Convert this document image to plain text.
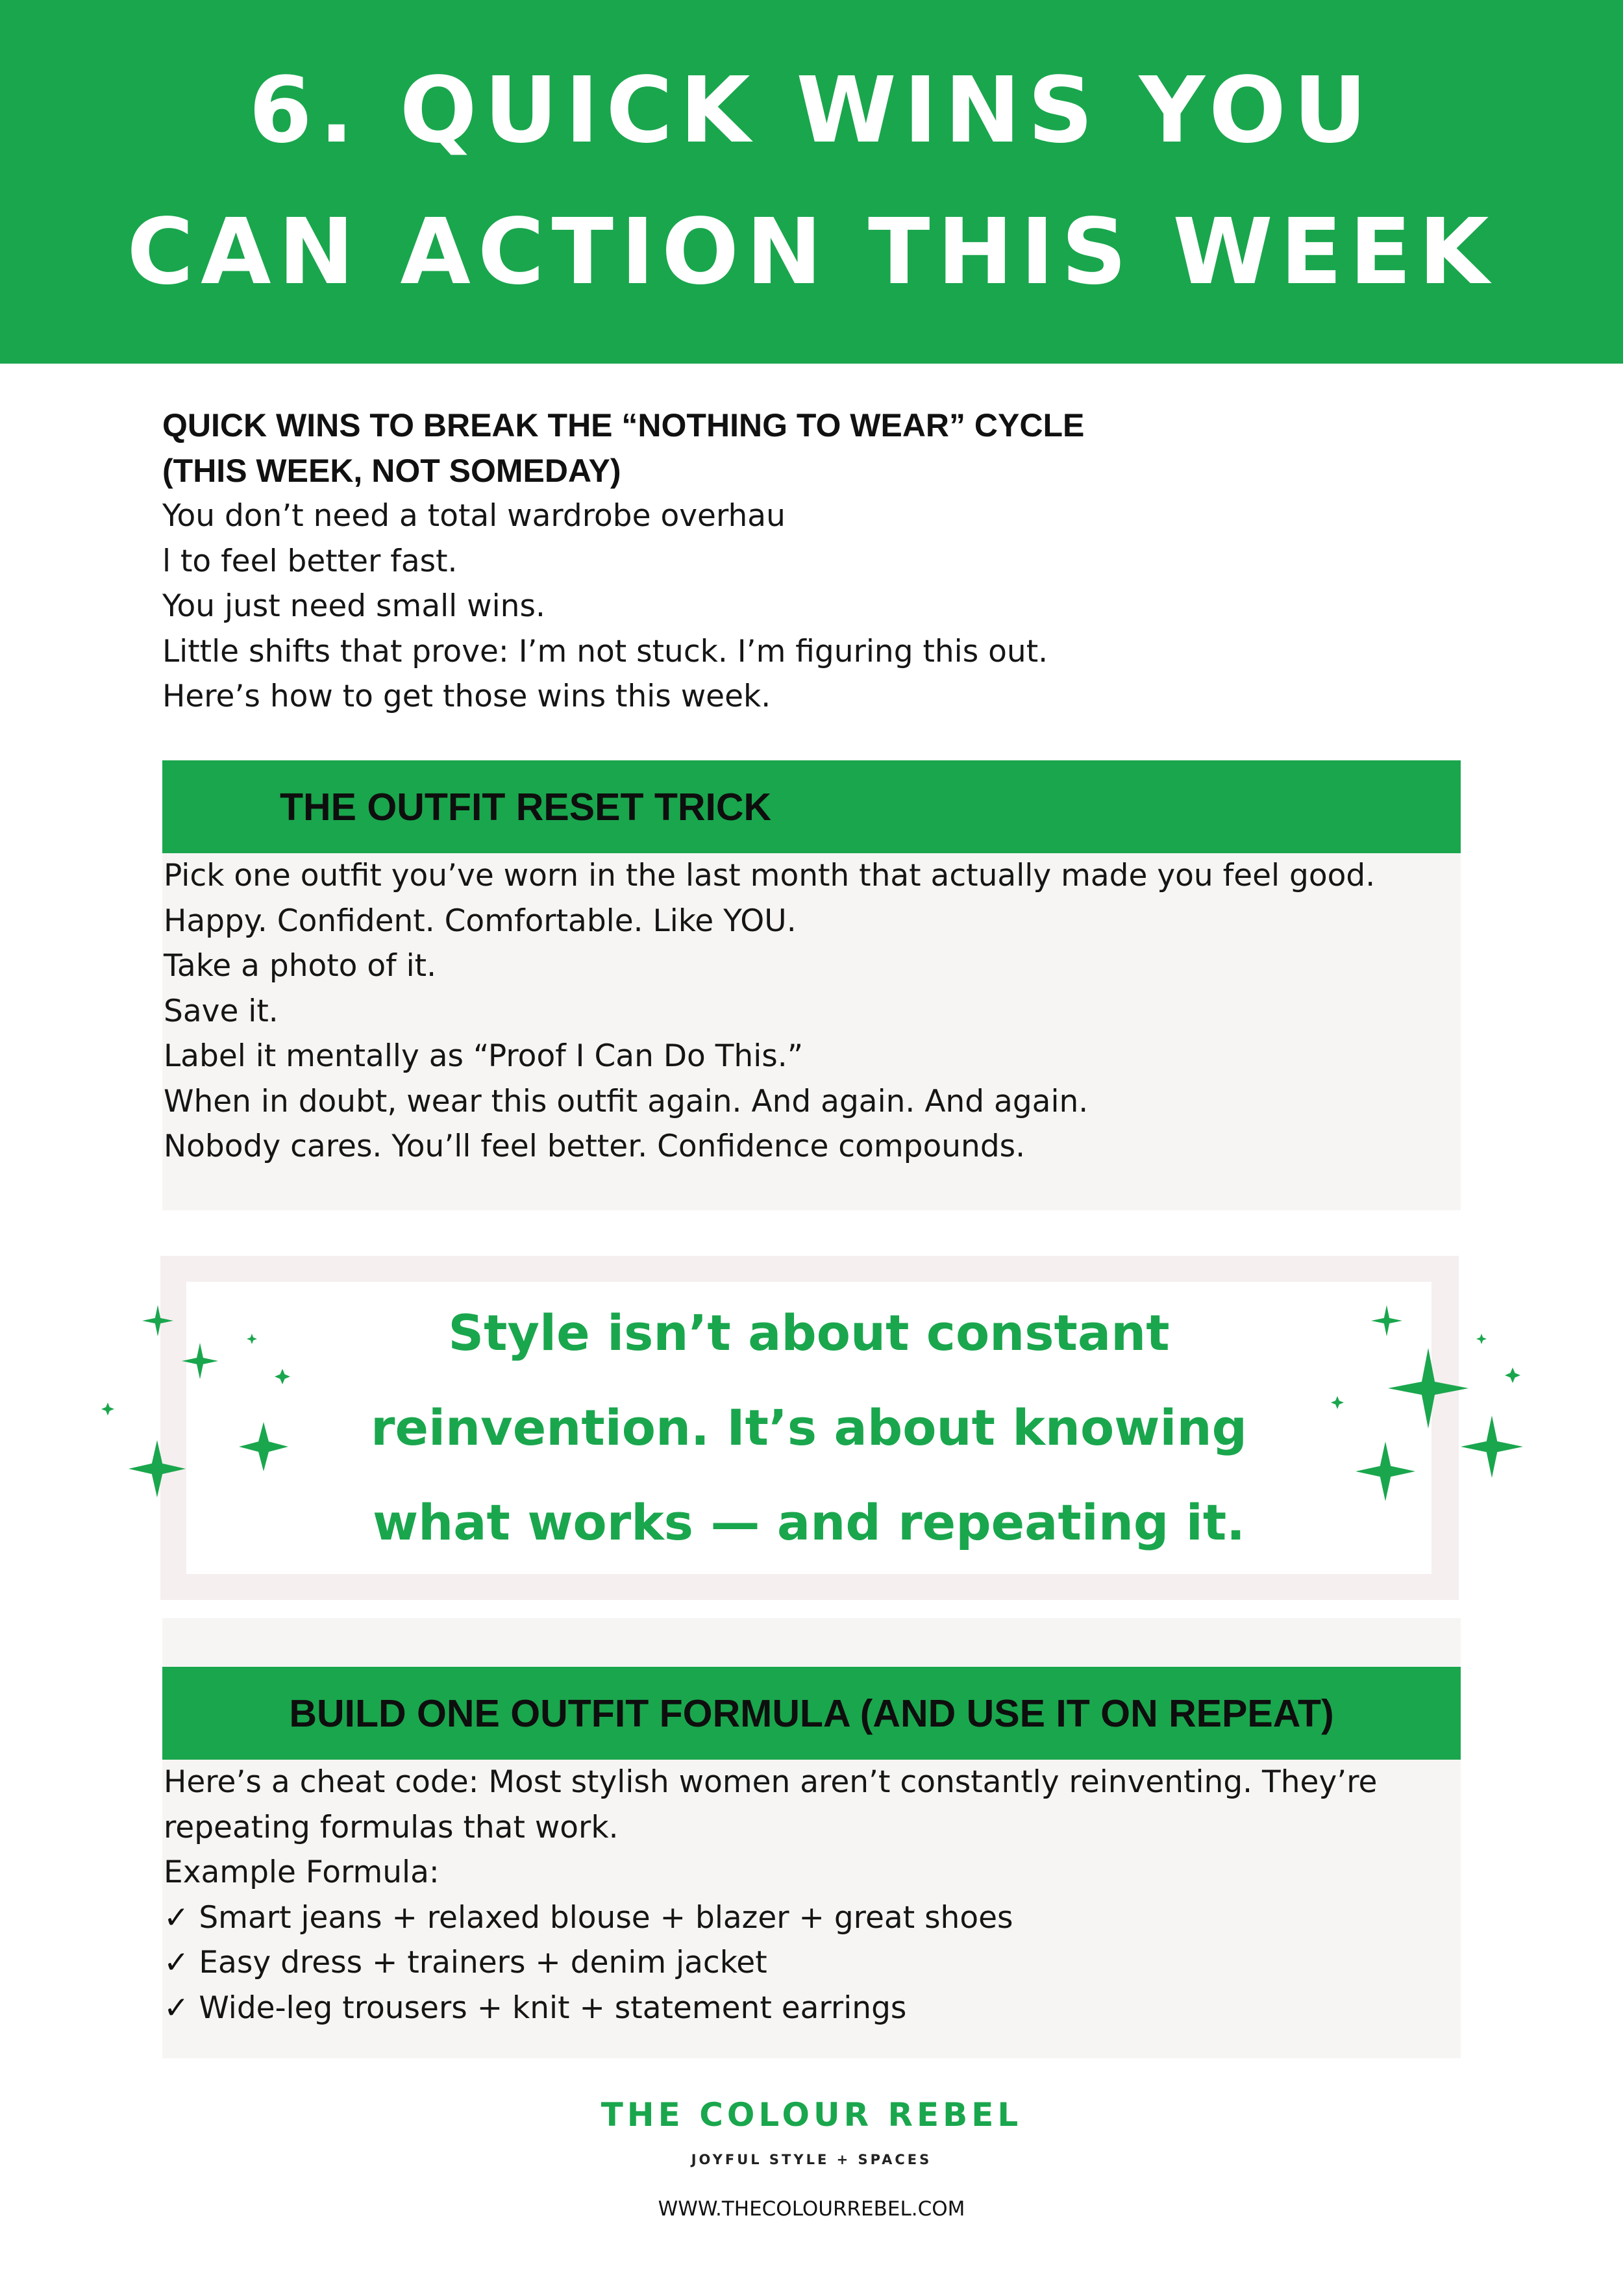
6. QUICK WINS YOU
CAN ACTION THIS WEEK
QUICK WINS TO BREAK THE “NOTHING TO WEAR” CYCLE
(THIS WEEK, NOT SOMEDAY)
You don’t need a total wardrobe overhau
l to feel better fast.
You just need small wins.
Little shifts that prove: I’m not stuck. I’m figuring this out.
Here’s how to get those wins this week.
THE OUTFIT RESET TRICK
Pick one outfit you’ve worn in the last month that actually made you feel good.
Happy. Confident. Comfortable. Like YOU.
Take a photo of it.
Save it.
Label it mentally as “Proof I Can Do This.”
When in doubt, wear this outfit again. And again. And again.
Nobody cares. You’ll feel better. Confidence compounds.
Style isn’t about constant
reinvention. It’s about knowing
what works — and repeating it.
BUILD ONE OUTFIT FORMULA (AND USE IT ON REPEAT)
Here’s a cheat code: Most stylish women aren’t constantly reinventing. They’re
repeating formulas that work.
Example Formula:
✓ Smart jeans + relaxed blouse + blazer + great shoes
✓ Easy dress + trainers + denim jacket
✓ Wide-leg trousers + knit + statement earrings
THE COLOUR REBEL
JOYFUL STYLE + SPACES
WWW.THECOLOURREBEL.COM
